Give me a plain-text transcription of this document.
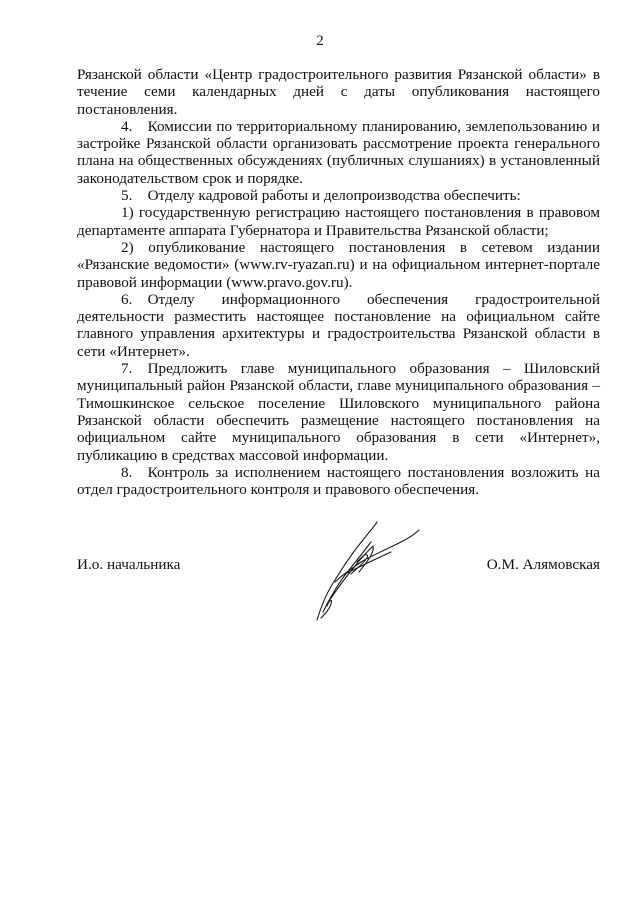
2

Рязанской области «Центр градостроительного развития Рязанской области» в течение семи календарных дней с даты опубликования настоящего постановления.

4. Комиссии по территориальному планированию, землепользованию и застройке Рязанской области организовать рассмотрение проекта генерального плана на общественных обсуждениях (публичных слушаниях) в установленный законодательством срок и порядке.

5. Отделу кадровой работы и делопроизводства обеспечить:

1) государственную регистрацию настоящего постановления в правовом департаменте аппарата Губернатора и Правительства Рязанской области;

2) опубликование настоящего постановления в сетевом издании «Рязанские ведомости» (www.rv-ryazan.ru) и на официальном интернет-портале правовой информации (www.pravo.gov.ru).

6. Отделу информационного обеспечения градостроительной деятельности разместить настоящее постановление на официальном сайте главного управления архитектуры и градостроительства Рязанской области в сети «Интернет».

7. Предложить главе муниципального образования – Шиловский муниципальный район Рязанской области, главе муниципального образования – Тимошкинское сельское поселение Шиловского муниципального района Рязанской области обеспечить размещение настоящего постановления на официальном сайте муниципального образования в сети «Интернет», публикацию в средствах массовой информации.

8. Контроль за исполнением настоящего постановления возложить на отдел градостроительного контроля и правового обеспечения.

И.о. начальника	О.М. Алямовская
